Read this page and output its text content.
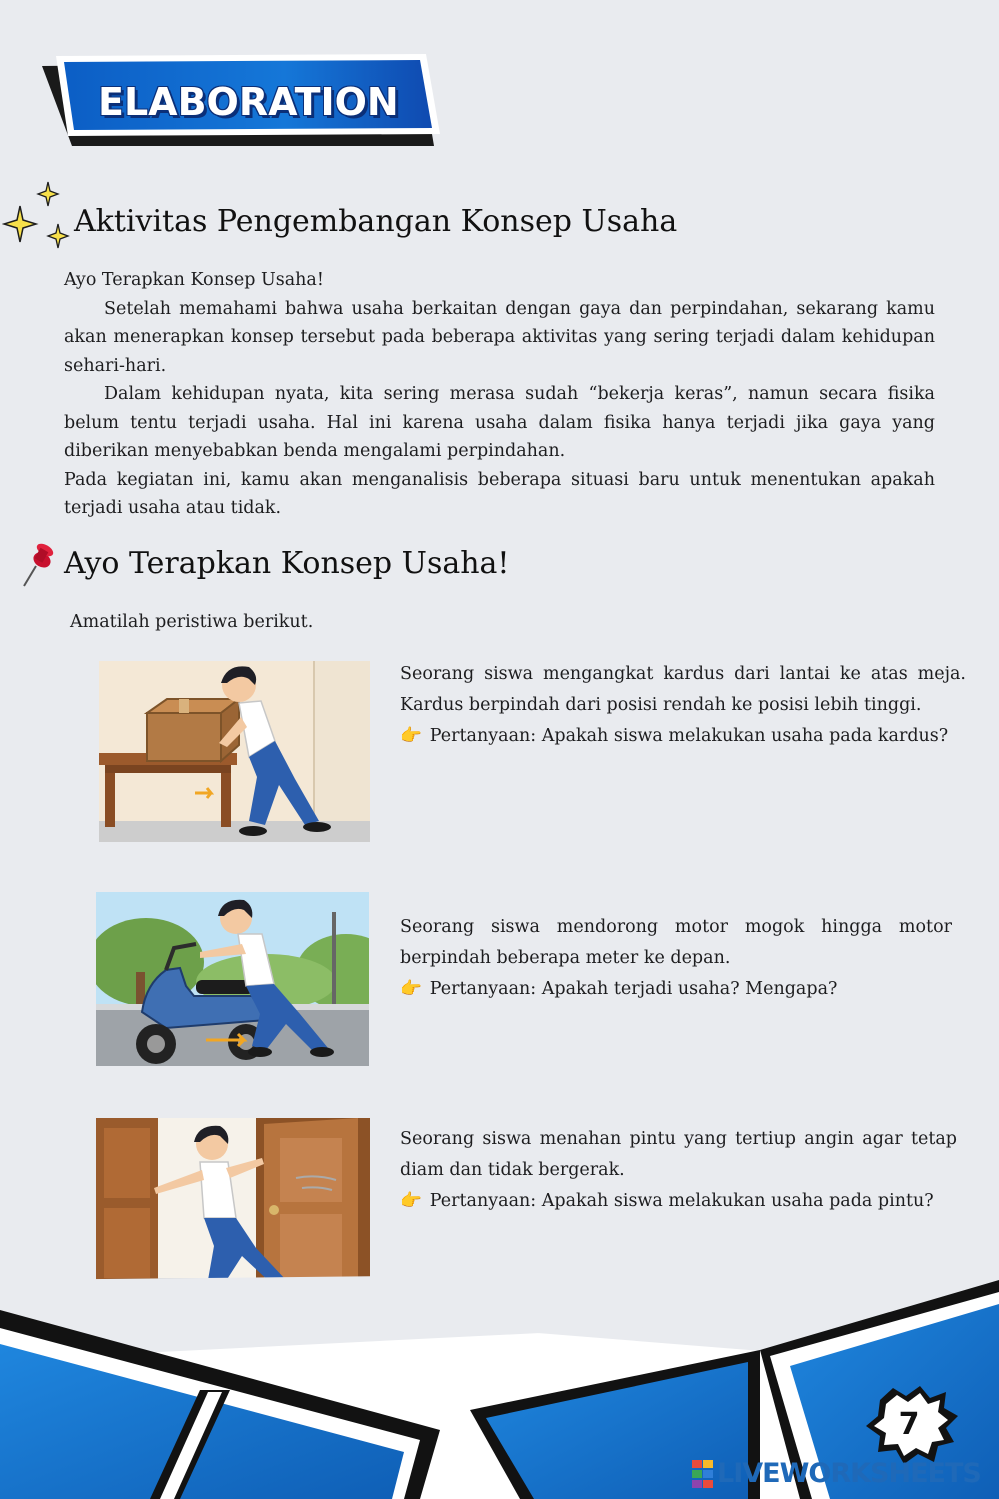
ELABORATION
Aktivitas Pengembangan Konsep Usaha

Ayo Terapkan Konsep Usaha!

Setelah memahami bahwa usaha berkaitan dengan gaya dan perpindahan, sekarang kamu akan menerapkan konsep tersebut pada beberapa aktivitas yang sering terjadi dalam kehidupan sehari-hari.

Dalam kehidupan nyata, kita sering merasa sudah “bekerja keras”, namun secara fisika belum tentu terjadi usaha. Hal ini karena usaha dalam fisika hanya terjadi jika gaya yang diberikan menyebabkan benda mengalami perpindahan.

Pada kegiatan ini, kamu akan menganalisis beberapa situasi baru untuk menentukan apakah terjadi usaha atau tidak.

Ayo Terapkan Konsep Usaha!
Amatilah peristiwa berikut.

Seorang siswa mengangkat kardus dari lantai ke atas meja. Kardus berpindah dari posisi rendah ke posisi lebih tinggi.

👉 Pertanyaan: Apakah siswa melakukan usaha pada kardus?

Seorang siswa mendorong motor mogok hingga motor berpindah beberapa meter ke depan.

👉 Pertanyaan: Apakah terjadi usaha? Mengapa?

Seorang siswa menahan pintu yang tertiup angin agar tetap diam dan tidak bergerak.

👉 Pertanyaan: Apakah siswa melakukan usaha pada pintu?

7
LIVEWORKSHEETS
